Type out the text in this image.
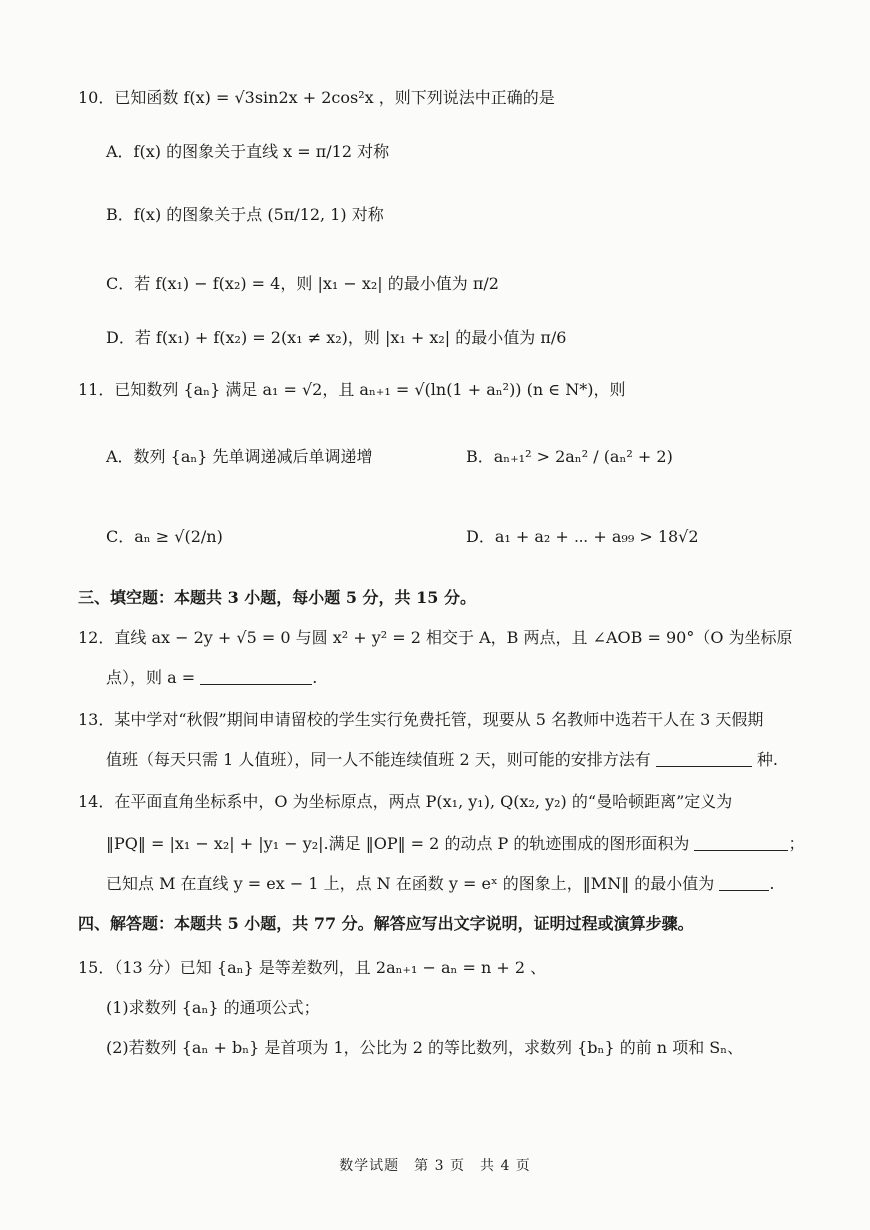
10．已知函数 f(x) = √3sin2x + 2cos²x ，则下列说法中正确的是
A．f(x) 的图象关于直线 x = π/12 对称
B．f(x) 的图象关于点 (5π/12, 1) 对称
C．若 f(x₁) − f(x₂) = 4，则 |x₁ − x₂| 的最小值为 π/2
D．若 f(x₁) + f(x₂) = 2(x₁ ≠ x₂)，则 |x₁ + x₂| 的最小值为 π/6
11．已知数列 {aₙ} 满足 a₁ = √2，且 aₙ₊₁ = √(ln(1 + aₙ²)) (n ∈ N*)，则
A．数列 {aₙ} 先单调递减后单调递增	B．aₙ₊₁² > 2aₙ² / (aₙ² + 2)
C．aₙ ≥ √(2/n)	D．a₁ + a₂ + ⋯ + a₉₉ > 18√2
三、填空题：本题共 3 小题，每小题 5 分，共 15 分。
12．直线 ax − 2y + √5 = 0 与圆 x² + y² = 2 相交于 A，B 两点，且 ∠AOB = 90°（O 为坐标原
点），则 a =	.
13．某中学对“秋假”期间申请留校的学生实行免费托管，现要从 5 名教师中选若干人在 3 天假期
值班（每天只需 1 人值班），同一人不能连续值班 2 天，则可能的安排方法有	种.
14．在平面直角坐标系中，O 为坐标原点，两点 P(x₁, y₁), Q(x₂, y₂) 的“曼哈顿距离”定义为
‖PQ‖ = |x₁ − x₂| + |y₁ − y₂|.满足 ‖OP‖ = 2 的动点 P 的轨迹围成的图形面积为	；
已知点 M 在直线 y = ex − 1 上，点 N 在函数 y = eˣ 的图象上，‖MN‖ 的最小值为	.
四、解答题：本题共 5 小题，共 77 分。解答应写出文字说明，证明过程或演算步骤。
15．（13 分）已知 {aₙ} 是等差数列，且 2aₙ₊₁ − aₙ = n + 2 、
(1)求数列 {aₙ} 的通项公式；
(2)若数列 {aₙ + bₙ} 是首项为 1，公比为 2 的等比数列，求数列 {bₙ} 的前 n 项和 Sₙ、
数学试题　第 3 页　共 4 页
